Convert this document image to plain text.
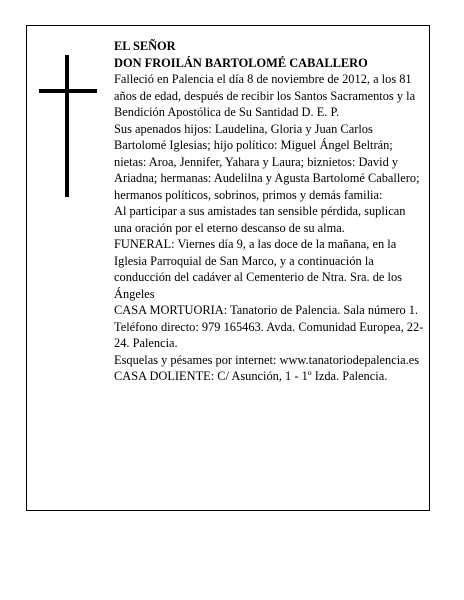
EL SEÑOR

DON FROILÁN BARTOLOMÉ CABALLERO

Falleció en Palencia el día 8 de noviembre de 2012, a los 81 años de edad, después de recibir los Santos Sacramentos y la Bendición Apostólica de Su Santidad D. E. P.

Sus apenados hijos: Laudelina, Gloria y Juan Carlos Bartolomé Iglesias; hijo político: Miguel Ángel Beltrán; nietas: Aroa, Jennifer, Yahara y Laura; biznietos: David y Ariadna; hermanas: Audelilna y Agusta Bartolomé Caballero; hermanos políticos, sobrinos, primos y demás familia:

Al participar a sus amistades tan sensible pérdida, suplican una oración por el eterno descanso de su alma.

FUNERAL: Viernes día 9, a las doce de la mañana, en la Iglesia Parroquial de San Marco, y a continuación la conducción del cadáver al Cementerio de Ntra. Sra. de los Ángeles

CASA MORTUORIA: Tanatorio de Palencia. Sala número 1. Teléfono directo: 979 165463. Avda. Comunidad Europea, 22-24. Palencia.

Esquelas y pésames por internet: www.tanatoriodepalencia.es

CASA DOLIENTE: C/ Asunción, 1 - 1º Izda. Palencia.
